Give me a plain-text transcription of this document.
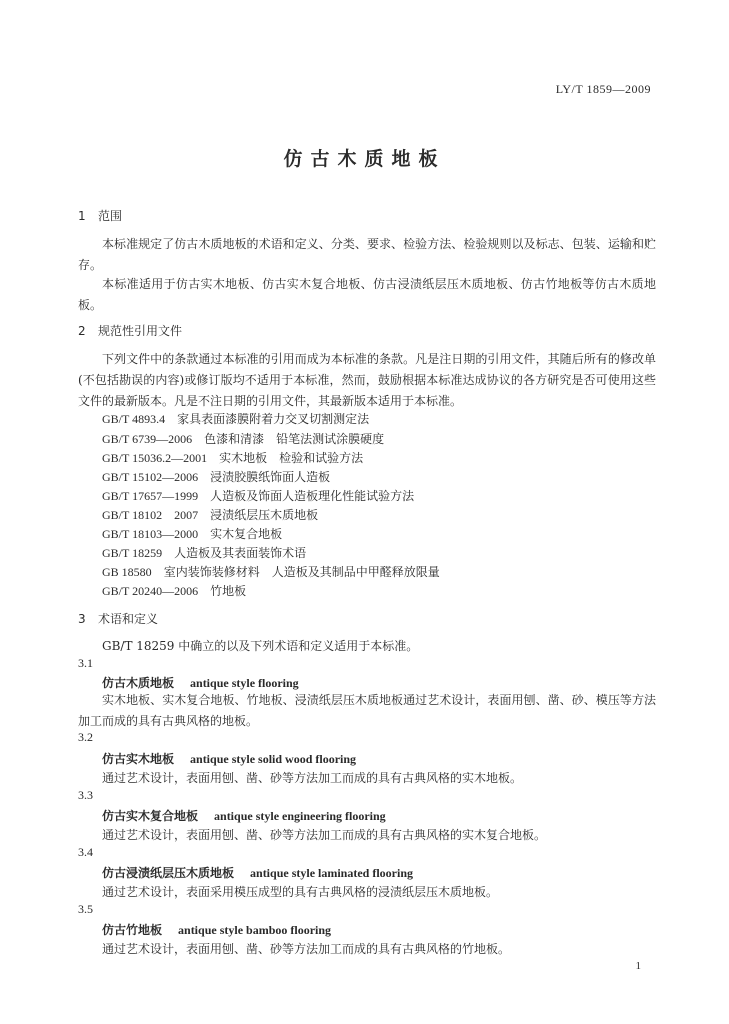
LY/T 1859—2009
仿古木质地板
1 范围
本标准规定了仿古木质地板的术语和定义、分类、要求、检验方法、检验规则以及标志、包装、运输和贮存。
本标准适用于仿古实木地板、仿古实木复合地板、仿古浸渍纸层压木质地板、仿古竹地板等仿古木质地板。
2 规范性引用文件
下列文件中的条款通过本标准的引用而成为本标准的条款。凡是注日期的引用文件，其随后所有的修改单(不包括勘误的内容)或修订版均不适用于本标准，然而，鼓励根据本标准达成协议的各方研究是否可使用这些文件的最新版本。凡是不注日期的引用文件，其最新版本适用于本标准。
GB/T 4893.4　 家具表面漆膜附着力交叉切割测定法
GB/T 6739—2006　 色漆和清漆　铅笔法测试涂膜硬度
GB/T 15036.2—2001　 实木地板　检验和试验方法
GB/T 15102—2006　 浸渍胶膜纸饰面人造板
GB/T 17657—1999　 人造板及饰面人造板理化性能试验方法
GB/T 18102　2007　 浸渍纸层压木质地板
GB/T 18103—2000　 实木复合地板
GB/T 18259　 人造板及其表面装饰术语
GB 18580　 室内装饰装修材料　人造板及其制品中甲醛释放限量
GB/T 20240—2006　 竹地板
3 术语和定义
GB/T 18259 中确立的以及下列术语和定义适用于本标准。
3.1
仿古木质地板 antique style flooring
实木地板、实木复合地板、竹地板、浸渍纸层压木质地板通过艺术设计，表面用刨、凿、砂、模压等方法加工而成的具有古典风格的地板。
3.2
仿古实木地板 antique style solid wood flooring
通过艺术设计，表面用刨、凿、砂等方法加工而成的具有古典风格的实木地板。
3.3
仿古实木复合地板 antique style engineering flooring
通过艺术设计，表面用刨、凿、砂等方法加工而成的具有古典风格的实木复合地板。
3.4
仿古浸渍纸层压木质地板 antique style laminated flooring
通过艺术设计，表面采用模压成型的具有古典风格的浸渍纸层压木质地板。
3.5
仿古竹地板 antique style bamboo flooring
通过艺术设计，表面用刨、凿、砂等方法加工而成的具有古典风格的竹地板。
1
